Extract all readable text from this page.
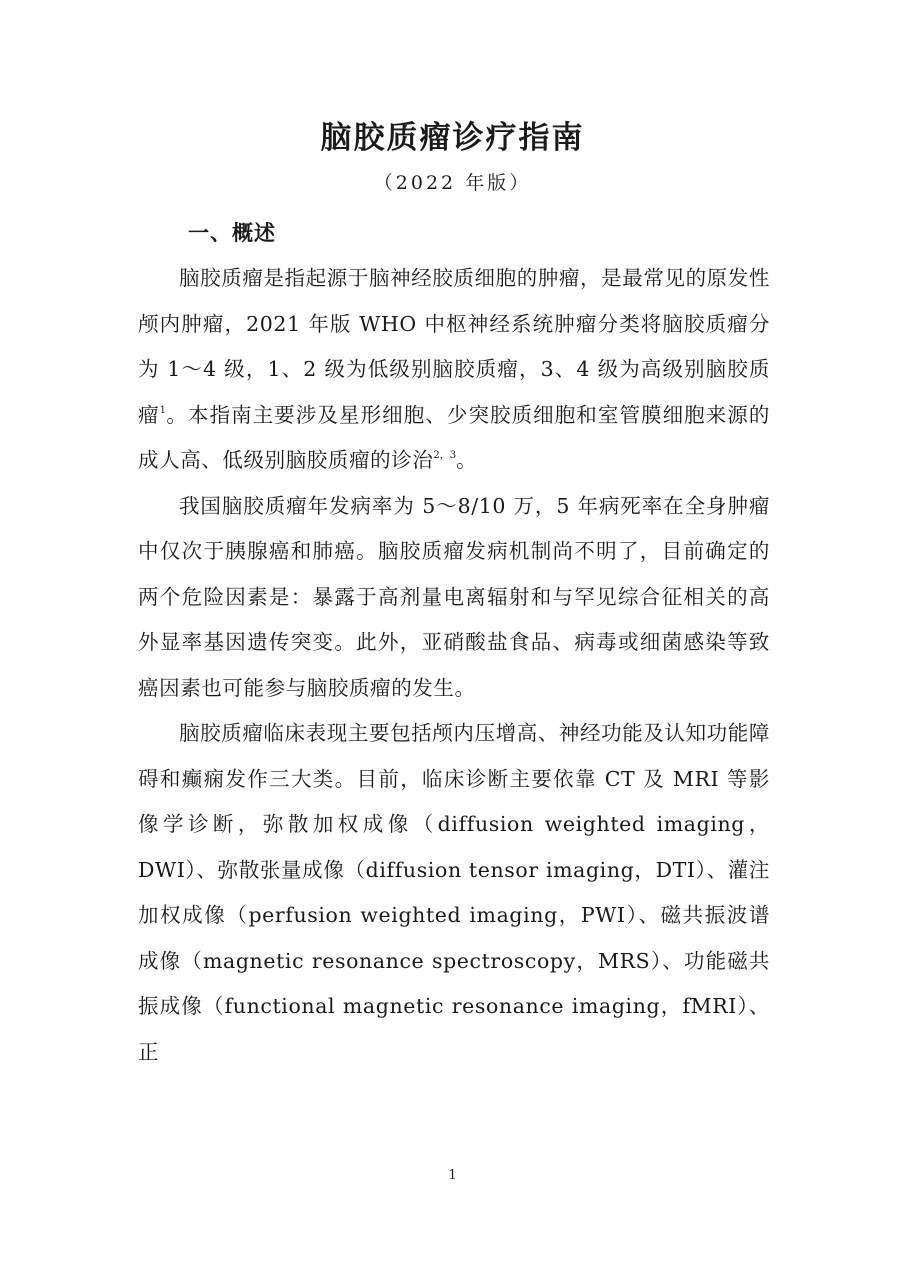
脑胶质瘤诊疗指南
（2022 年版）
一、概述

脑胶质瘤是指起源于脑神经胶质细胞的肿瘤，是最常见的原发性颅内肿瘤，2021 年版 WHO 中枢神经系统肿瘤分类将脑胶质瘤分为 1～4 级，1、2 级为低级别脑胶质瘤，3、4 级为高级别脑胶质瘤$^1$。本指南主要涉及星形细胞、少突胶质细胞和室管膜细胞来源的成人高、低级别脑胶质瘤的诊治$^{2,3}$。

我国脑胶质瘤年发病率为 5～8/10 万，5 年病死率在全身肿瘤中仅次于胰腺癌和肺癌。脑胶质瘤发病机制尚不明了，目前确定的两个危险因素是：暴露于高剂量电离辐射和与罕见综合征相关的高外显率基因遗传突变。此外，亚硝酸盐食品、病毒或细菌感染等致癌因素也可能参与脑胶质瘤的发生。

脑胶质瘤临床表现主要包括颅内压增高、神经功能及认知功能障碍和癫痫发作三大类。目前，临床诊断主要依靠 CT 及 MRI 等影像学诊断，弥散加权成像（diffusion weighted imaging，DWI）、弥散张量成像（diffusion tensor imaging，DTI）、灌注加权成像（perfusion weighted imaging，PWI）、磁共振波谱成像（magnetic resonance spectroscopy，MRS）、功能磁共振成像（functional magnetic resonance imaging，fMRI）、正

1
